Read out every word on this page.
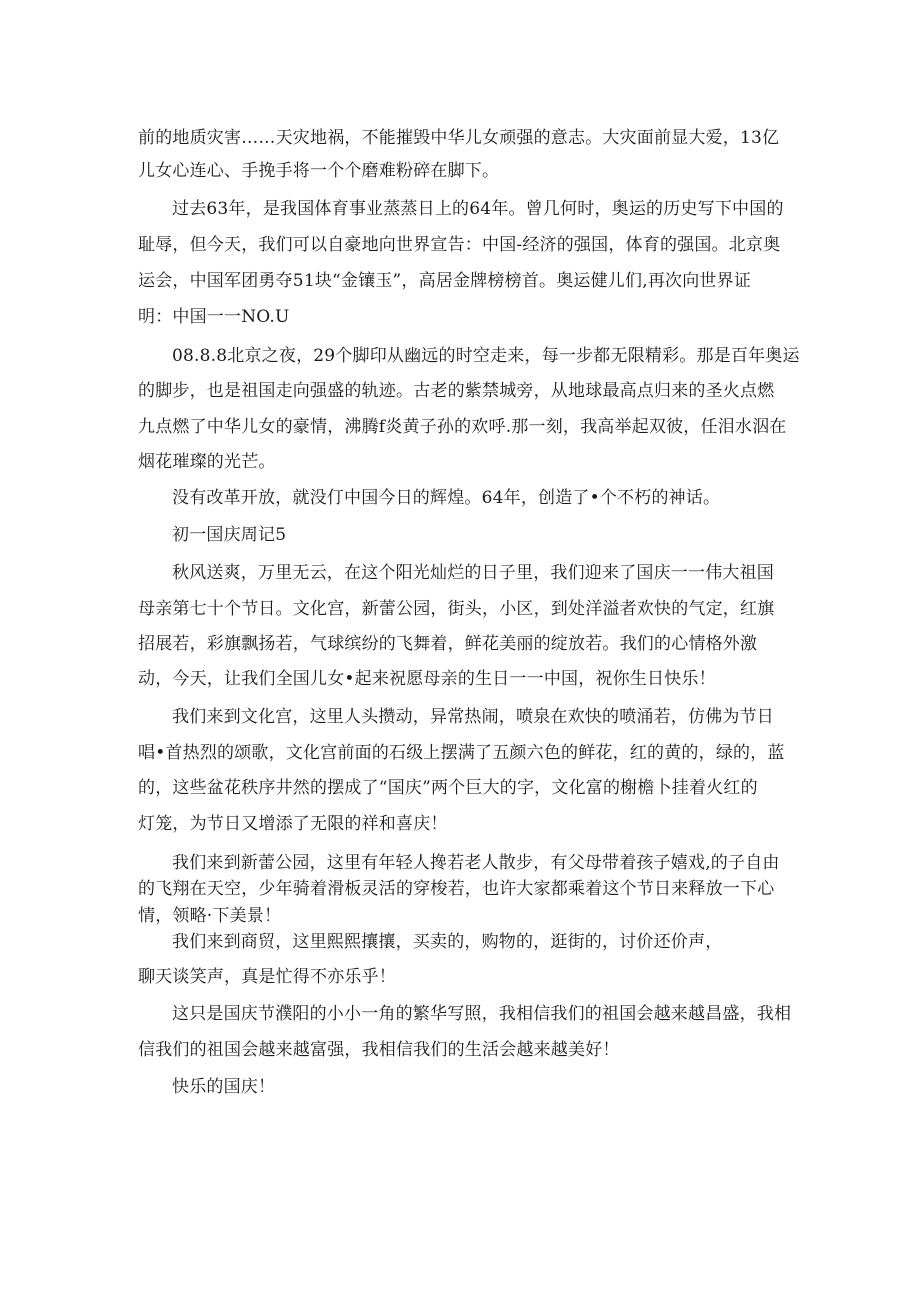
前的地质灾害……天灾地祸，不能摧毁中华儿女顽强的意志。大灾面前显大爱，13亿
儿女心连心、手挽手将一个个磨难粉碎在脚下。
过去63年，是我国体育事业蒸蒸日上的64年。曾几何时，奥运的历史写下中国的
耻辱，但今天，我们可以自豪地向世界宣告：中国-经济的强国，体育的强国。北京奥
运会，中国军团勇夺51块“金镶玉”，高居金牌榜榜首。奥运健儿们,再次向世界证
明：中国一一NO.U
08.8.8北京之夜，29个脚印从幽远的时空走来，每一步都无限精彩。那是百年奥运
的脚步，也是祖国走向强盛的轨迹。古老的紫禁城旁，从地球最高点归来的圣火点燃
九点燃了中华儿女的豪情，沸腾f炎黄子孙的欢呼.那一刻，我高举起双彼，任泪水泅在
烟花璀璨的光芒。
没有改革开放，就没仃中国今日的辉煌。64年，创造了•个不朽的神话。
初一国庆周记5
秋风送爽，万里无云，在这个阳光灿烂的日子里，我们迎来了国庆一一伟大祖国
母亲第七十个节日。文化宫，新蕾公园，街头，小区，到处洋溢者欢快的气定，红旗
招展若，彩旗飘扬若，气球缤纷的飞舞着，鲜花美丽的绽放若。我们的心情格外激
动，今天，让我们全国儿女•起来祝愿母亲的生日一一中国，祝你生日快乐！
我们来到文化宫，这里人头攒动，异常热闹，喷泉在欢快的喷涌若，仿佛为节日
唱•首热烈的颂歌，文化宫前面的石级上摆满了五颜六色的鲜花，红的黄的，绿的，蓝
的，这些盆花秩序井然的摆成了“国庆”两个巨大的字，文化富的榭檐卜挂着火红的
灯笼，为节日又增添了无限的祥和喜庆！
我们来到新蕾公园，这里有年轻人搀若老人散步，有父母带着孩子嬉戏,的子自由
的飞翔在天空，少年骑着滑板灵活的穿梭若，也许大家都乘着这个节日来释放一下心
情，领略·下美景！
我们来到商贸，这里熙熙攘攘，买卖的，购物的，逛街的，讨价还价声，
聊天谈笑声，真是忙得不亦乐乎！
这只是国庆节濮阳的小小一角的繁华写照，我相信我们的祖国会越来越昌盛，我相
信我们的祖国会越来越富强，我相信我们的生活会越来越美好！
快乐的国庆！
